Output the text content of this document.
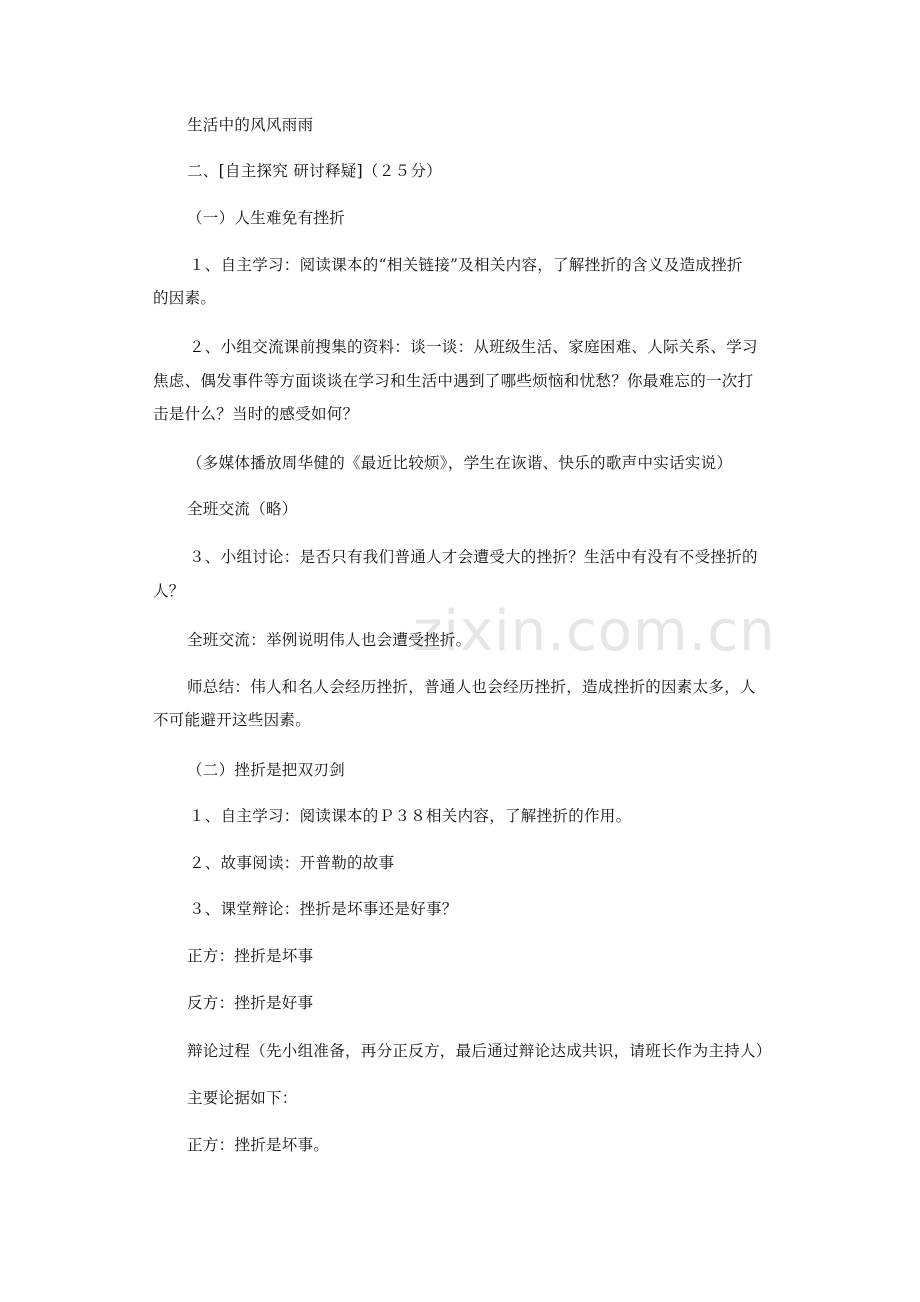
zixin.com.cn
生活中的风风雨雨
二、[自主探究 研讨释疑]（２５分）
（一）人生难免有挫折
１、自主学习：阅读课本的“相关链接”及相关内容，了解挫折的含义及造成挫折
的因素。
２、小组交流课前搜集的资料：谈一谈：从班级生活、家庭困难、人际关系、学习
焦虑、偶发事件等方面谈谈在学习和生活中遇到了哪些烦恼和忧愁？你最难忘的一次打
击是什么？当时的感受如何？
（多媒体播放周华健的《最近比较烦》，学生在诙谐、快乐的歌声中实话实说）
全班交流（略）
３、小组讨论：是否只有我们普通人才会遭受大的挫折？生活中有没有不受挫折的
人？
全班交流：举例说明伟人也会遭受挫折。
师总结：伟人和名人会经历挫折，普通人也会经历挫折，造成挫折的因素太多，人
不可能避开这些因素。
（二）挫折是把双刃剑
１、自主学习：阅读课本的Ｐ３８相关内容，了解挫折的作用。
２、故事阅读：开普勒的故事
３、课堂辩论：挫折是坏事还是好事？
正方：挫折是坏事
反方：挫折是好事
辩论过程（先小组准备，再分正反方，最后通过辩论达成共识，请班长作为主持人）
主要论据如下：
正方：挫折是坏事。
